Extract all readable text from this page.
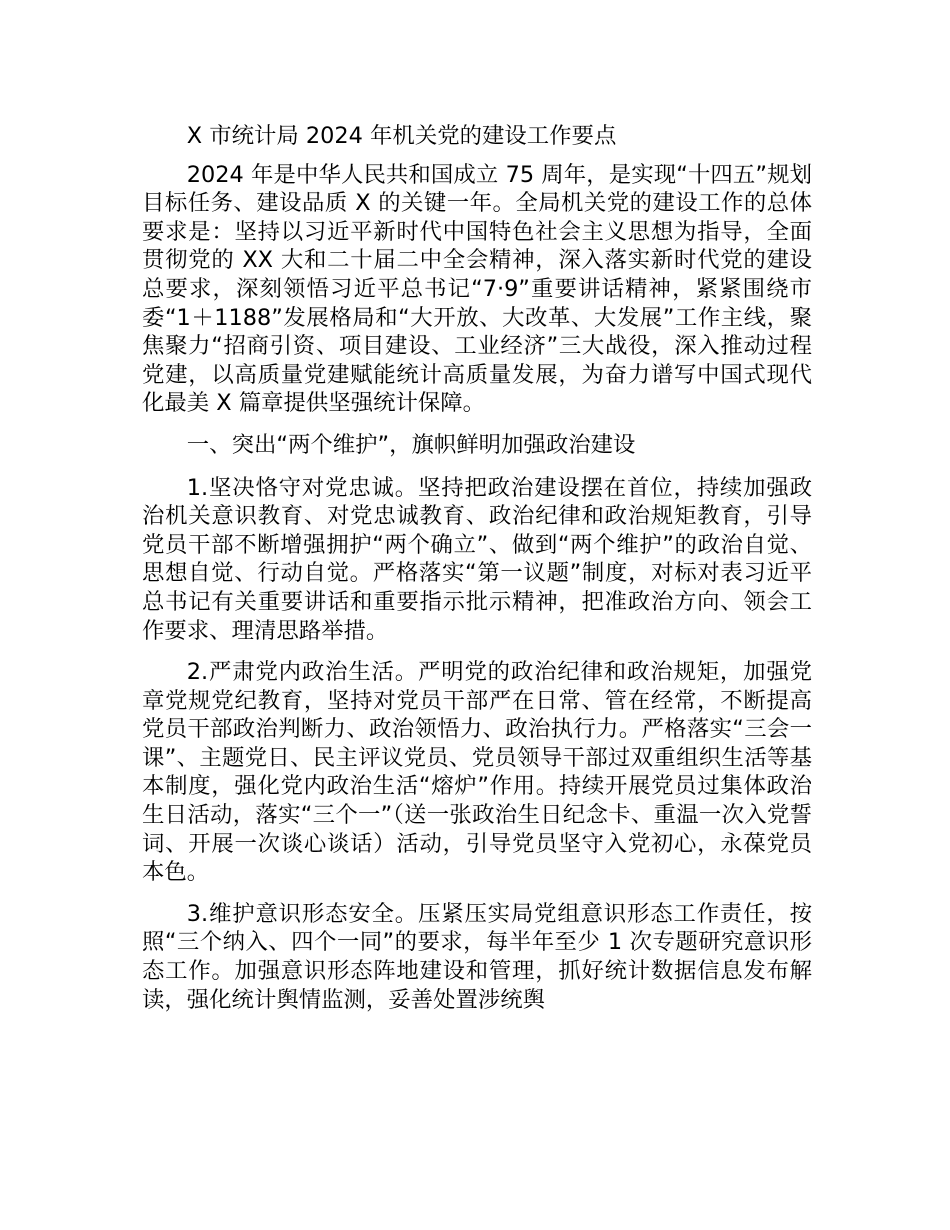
X 市统计局 2024 年机关党的建设工作要点

2024 年是中华人民共和国成立 75 周年，是实现“十四五”规划目标任务、建设品质 X 的关键一年。全局机关党的建设工作的总体要求是：坚持以习近平新时代中国特色社会主义思想为指导，全面贯彻党的 XX 大和二十届二中全会精神，深入落实新时代党的建设总要求，深刻领悟习近平总书记“7·9”重要讲话精神，紧紧围绕市委“1＋1188”发展格局和“大开放、大改革、大发展”工作主线，聚焦聚力“招商引资、项目建设、工业经济”三大战役，深入推动过程党建，以高质量党建赋能统计高质量发展，为奋力谱写中国式现代化最美 X 篇章提供坚强统计保障。

一、突出“两个维护”，旗帜鲜明加强政治建设

1.坚决恪守对党忠诚。坚持把政治建设摆在首位，持续加强政治机关意识教育、对党忠诚教育、政治纪律和政治规矩教育，引导党员干部不断增强拥护“两个确立”、做到“两个维护”的政治自觉、思想自觉、行动自觉。严格落实“第一议题”制度，对标对表习近平总书记有关重要讲话和重要指示批示精神，把准政治方向、领会工作要求、理清思路举措。

2.严肃党内政治生活。严明党的政治纪律和政治规矩，加强党章党规党纪教育，坚持对党员干部严在日常、管在经常，不断提高党员干部政治判断力、政治领悟力、政治执行力。严格落实“三会一课”、主题党日、民主评议党员、党员领导干部过双重组织生活等基本制度，强化党内政治生活“熔炉”作用。持续开展党员过集体政治生日活动，落实“三个一”（送一张政治生日纪念卡、重温一次入党誓词、开展一次谈心谈话）活动，引导党员坚守入党初心，永葆党员本色。

3.维护意识形态安全。压紧压实局党组意识形态工作责任，按照“三个纳入、四个一同”的要求，每半年至少 1 次专题研究意识形态工作。加强意识形态阵地建设和管理，抓好统计数据信息发布解读，强化统计舆情监测，妥善处置涉统舆
